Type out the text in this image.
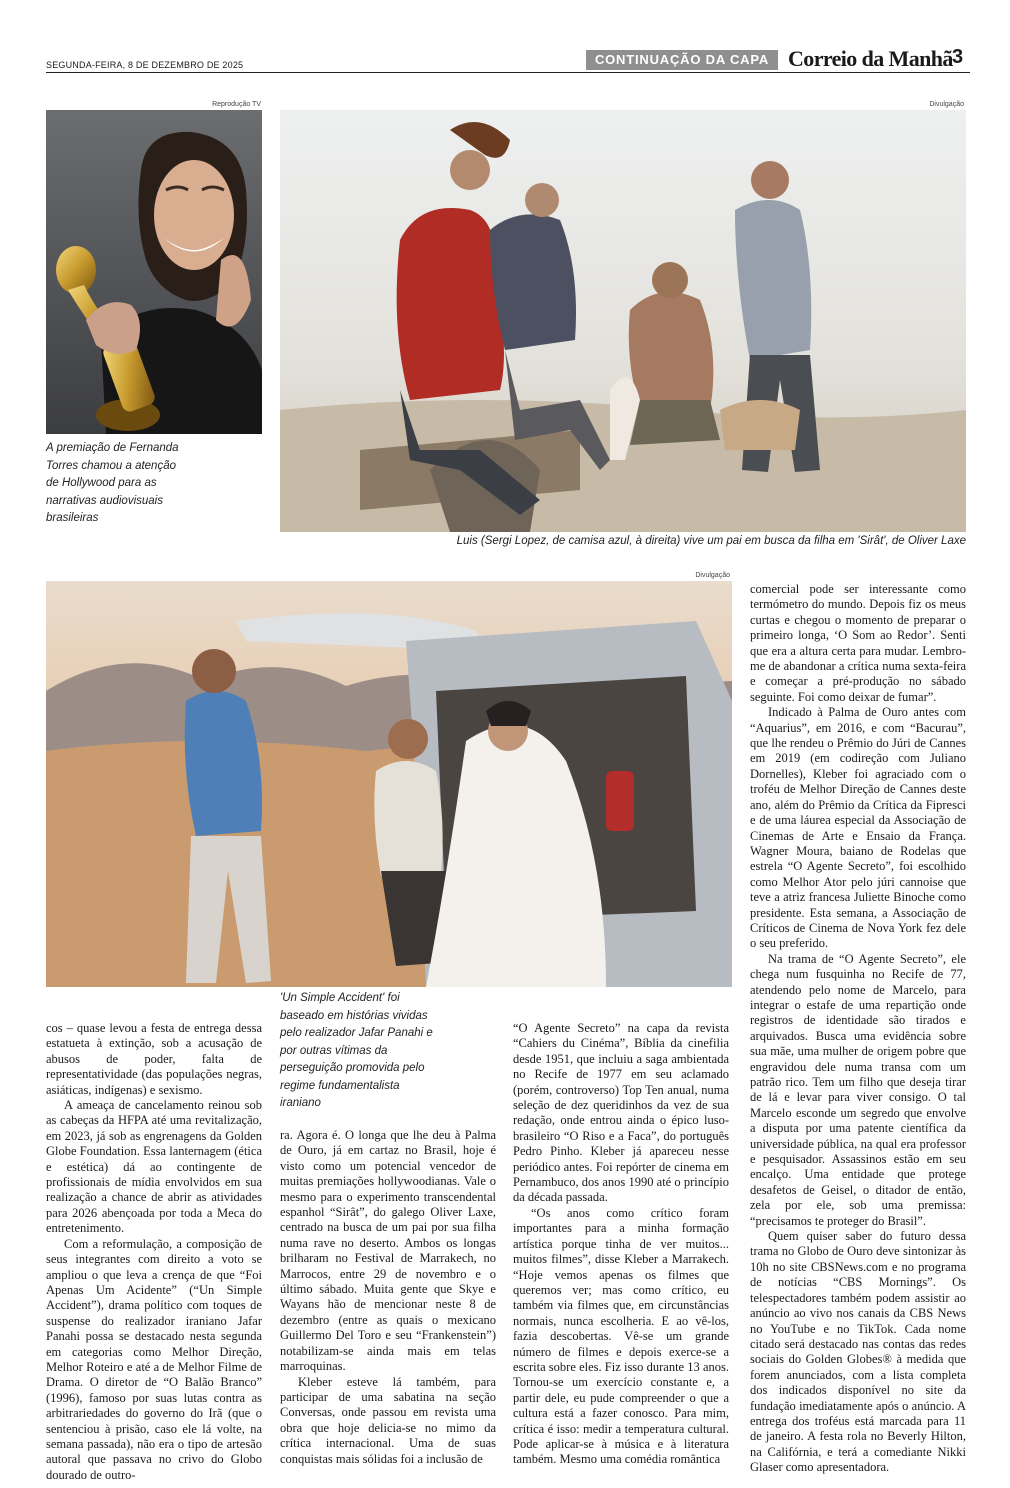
SEGUNDA-FEIRA, 8 DE DEZEMBRO DE 2025	CONTINUAÇÃO DA CAPA Correio da Manhã 3
Reprodução TV
A premiação de Fernanda Torres chamou a atenção de Hollywood para as narrativas audiovisuais brasileiras
Divulgação
Luis (Sergi Lopez, de camisa azul, à direita) vive um pai em busca da filha em 'Sirât', de Oliver Laxe
Divulgação
'Un Simple Accident' foi baseado em histórias vividas pelo realizador Jafar Panahi e por outras vítimas da perseguição promovida pelo regime fundamentalista iraniano

cos – quase levou a festa de entrega dessa estatueta à extinção, sob a acusação de abusos de poder, falta de representatividade (das populações negras, asiáticas, indígenas) e sexismo.

A ameaça de cancelamento reinou sob as cabeças da HFPA até uma revitalização, em 2023, já sob as engrenagens da Golden Globe Foundation. Essa lanternagem (ética e estética) dá ao contingente de profissionais de mídia envolvidos em sua realização a chance de abrir as atividades para 2026 abençoada por toda a Meca do entretenimento.

Com a reformulação, a composição de seus integrantes com direito a voto se ampliou o que leva a crença de que “Foi Apenas Um Acidente” (“Un Simple Accident”), drama político com toques de suspense do realizador iraniano Jafar Panahi possa se destacado nesta segunda em categorias como Melhor Direção, Melhor Roteiro e até a de Melhor Filme de Drama. O diretor de “O Balão Branco” (1996), famoso por suas lutas contra as arbitrariedades do governo do Irã (que o sentenciou à prisão, caso ele lá volte, na semana passada), não era o tipo de artesão autoral que passava no crivo do Globo dourado de outro-

ra. Agora é. O longa que lhe deu à Palma de Ouro, já em cartaz no Brasil, hoje é visto como um potencial vencedor de muitas premiações hollywoodianas. Vale o mesmo para o experimento transcendental espanhol “Sirât”, do galego Oliver Laxe, centrado na busca de um pai por sua filha numa rave no deserto. Ambos os longas brilharam no Festival de Marrakech, no Marrocos, entre 29 de novembro e o último sábado. Muita gente que Skye e Wayans hão de mencionar neste 8 de dezembro (entre as quais o mexicano Guillermo Del Toro e seu “Frankenstein”) notabilizam-se ainda mais em telas marroquinas.

Kleber esteve lá também, para participar de uma sabatina na seção Conversas, onde passou em revista uma obra que hoje delicia-se no mimo da crítica internacional. Uma de suas conquistas mais sólidas foi a inclusão de

“O Agente Secreto” na capa da revista “Cahiers du Cinéma”, Bíblia da cinefilia desde 1951, que incluiu a saga ambientada no Recife de 1977 em seu aclamado (porém, controverso) Top Ten anual, numa seleção de dez queridinhos da vez de sua redação, onde entrou ainda o épico luso-brasileiro “O Riso e a Faca”, do português Pedro Pinho. Kleber já apareceu nesse periódico antes. Foi repórter de cinema em Pernambuco, dos anos 1990 até o princípio da década passada.

“Os anos como crítico foram importantes para a minha formação artística porque tinha de ver muitos... muitos filmes”, disse Kleber a Marrakech. “Hoje vemos apenas os filmes que queremos ver; mas como crítico, eu também via filmes que, em circunstâncias normais, nunca escolheria. E ao vê-los, fazia descobertas. Vê-se um grande número de filmes e depois exerce-se a escrita sobre eles. Fiz isso durante 13 anos. Tornou-se um exercício constante e, a partir dele, eu pude compreender o que a cultura está a fazer conosco. Para mim, crítica é isso: medir a temperatura cultural. Pode aplicar-se à música e à literatura também. Mesmo uma comédia romântica

comercial pode ser interessante como termómetro do mundo. Depois fiz os meus curtas e chegou o momento de preparar o primeiro longa, ‘O Som ao Redor’. Senti que era a altura certa para mudar. Lembro-me de abandonar a crítica numa sexta-feira e começar a pré-produção no sábado seguinte. Foi como deixar de fumar”.

Indicado à Palma de Ouro antes com “Aquarius”, em 2016, e com “Bacurau”, que lhe rendeu o Prêmio do Júri de Cannes em 2019 (em codireção com Juliano Dornelles), Kleber foi agraciado com o troféu de Melhor Direção de Cannes deste ano, além do Prêmio da Crítica da Fipresci e de uma láurea especial da Associação de Cinemas de Arte e Ensaio da França. Wagner Moura, baiano de Rodelas que estrela “O Agente Secreto”, foi escolhido como Melhor Ator pelo júri cannoise que teve a atriz francesa Juliette Binoche como presidente. Esta semana, a Associação de Críticos de Cinema de Nova York fez dele o seu preferido.

Na trama de “O Agente Secreto”, ele chega num fusquinha no Recife de 77, atendendo pelo nome de Marcelo, para integrar o estafe de uma repartição onde registros de identidade são tirados e arquivados. Busca uma evidência sobre sua mãe, uma mulher de origem pobre que engravidou dele numa transa com um patrão rico. Tem um filho que deseja tirar de lá e levar para viver consigo. O tal Marcelo esconde um segredo que envolve a disputa por uma patente científica da universidade pública, na qual era professor e pesquisador. Assassinos estão em seu encalço. Uma entidade que protege desafetos de Geisel, o ditador de então, zela por ele, sob uma premissa: “precisamos te proteger do Brasil”.

Quem quiser saber do futuro dessa trama no Globo de Ouro deve sintonizar às 10h no site CBSNews.com e no programa de notícias “CBS Mornings”. Os telespectadores também podem assistir ao anúncio ao vivo nos canais da CBS News no YouTube e no TikTok. Cada nome citado será destacado nas contas das redes sociais do Golden Globes® à medida que forem anunciados, com a lista completa dos indicados disponível no site da fundação imediatamente após o anúncio. A entrega dos troféus está marcada para 11 de janeiro. A festa rola no Beverly Hilton, na Califórnia, e terá a comediante Nikki Glaser como apresentadora.
